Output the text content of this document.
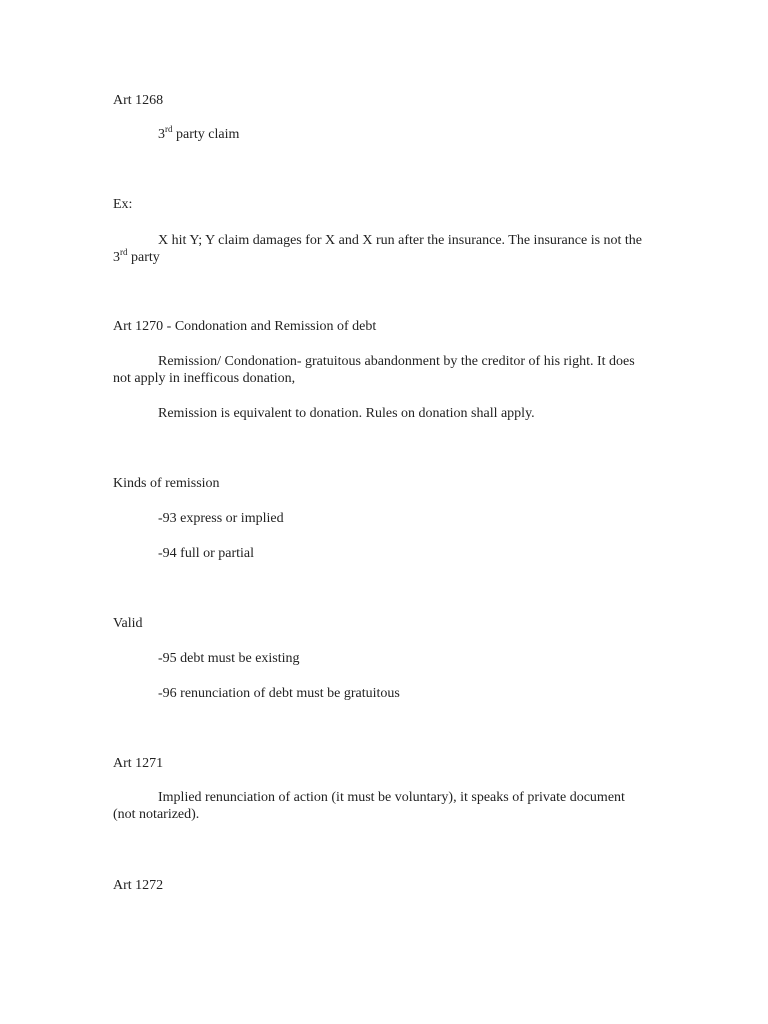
Art 1268
3rd party claim
Ex:
X hit Y; Y claim damages for X and X run after the insurance. The insurance is not the 3rd party
Art 1270 - Condonation and Remission of debt
Remission/ Condonation- gratuitous abandonment by the creditor of his right. It does not apply in inefficous donation,
Remission is equivalent to donation. Rules on donation shall apply.
Kinds of remission
-93 express or implied
-94 full or partial
Valid
-95 debt must be existing
-96 renunciation of debt must be gratuitous
Art 1271
Implied renunciation of action (it must be voluntary), it speaks of private document (not notarized).
Art 1272
